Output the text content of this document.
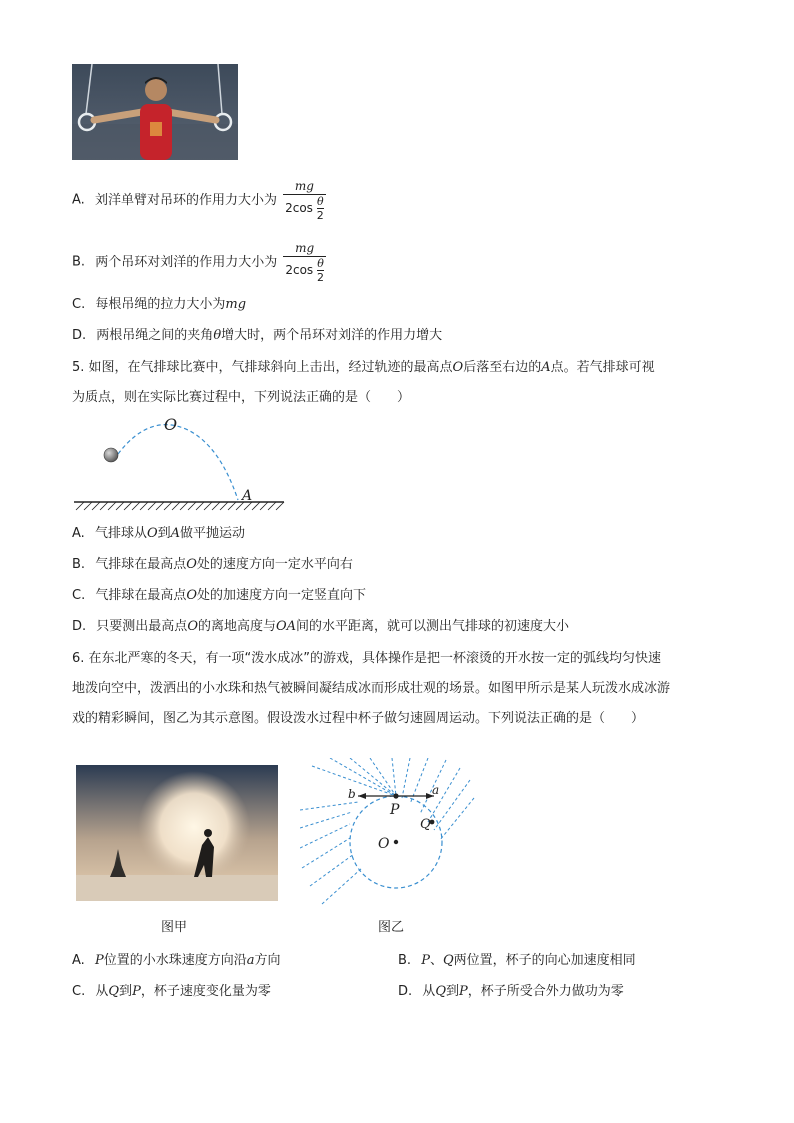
A. 刘洋单臂对吊环的作用力大小为 $\frac{mg}{2\cos \frac{\theta}{2}}$
B. 两个吊环对刘洋的作用力大小为 $\frac{mg}{2\cos \frac{\theta}{2}}$
C. 每根吊绳的拉力大小为mg
D. 两根吊绳之间的夹角θ增大时，两个吊环对刘洋的作用力增大
5. 如图，在气排球比赛中，气排球斜向上击出，经过轨迹的最高点O后落至右边的A点。若气排球可视
为质点，则在实际比赛过程中，下列说法正确的是（　　）
O
A
A. 气排球从O到A做平抛运动
B. 气排球在最高点O处的速度方向一定水平向右
C. 气排球在最高点O处的加速度方向一定竖直向下
D. 只要测出最高点O的离地高度与OA间的水平距离，就可以测出气排球的初速度大小
6. 在东北严寒的冬天，有一项“泼水成冰”的游戏，具体操作是把一杯滚烫的开水按一定的弧线均匀快速
地泼向空中，泼洒出的小水珠和热气被瞬间凝结成冰而形成壮观的场景。如图甲所示是某人玩泼水成冰游
戏的精彩瞬间，图乙为其示意图。假设泼水过程中杯子做匀速圆周运动。下列说法正确的是（　　）
图甲
b
P
a
Q
O
图乙
A. P位置的小水珠速度方向沿a方向	B. P、Q两位置，杯子的向心加速度相同
C. 从Q到P，杯子速度变化量为零	D. 从Q到P，杯子所受合外力做功为零
